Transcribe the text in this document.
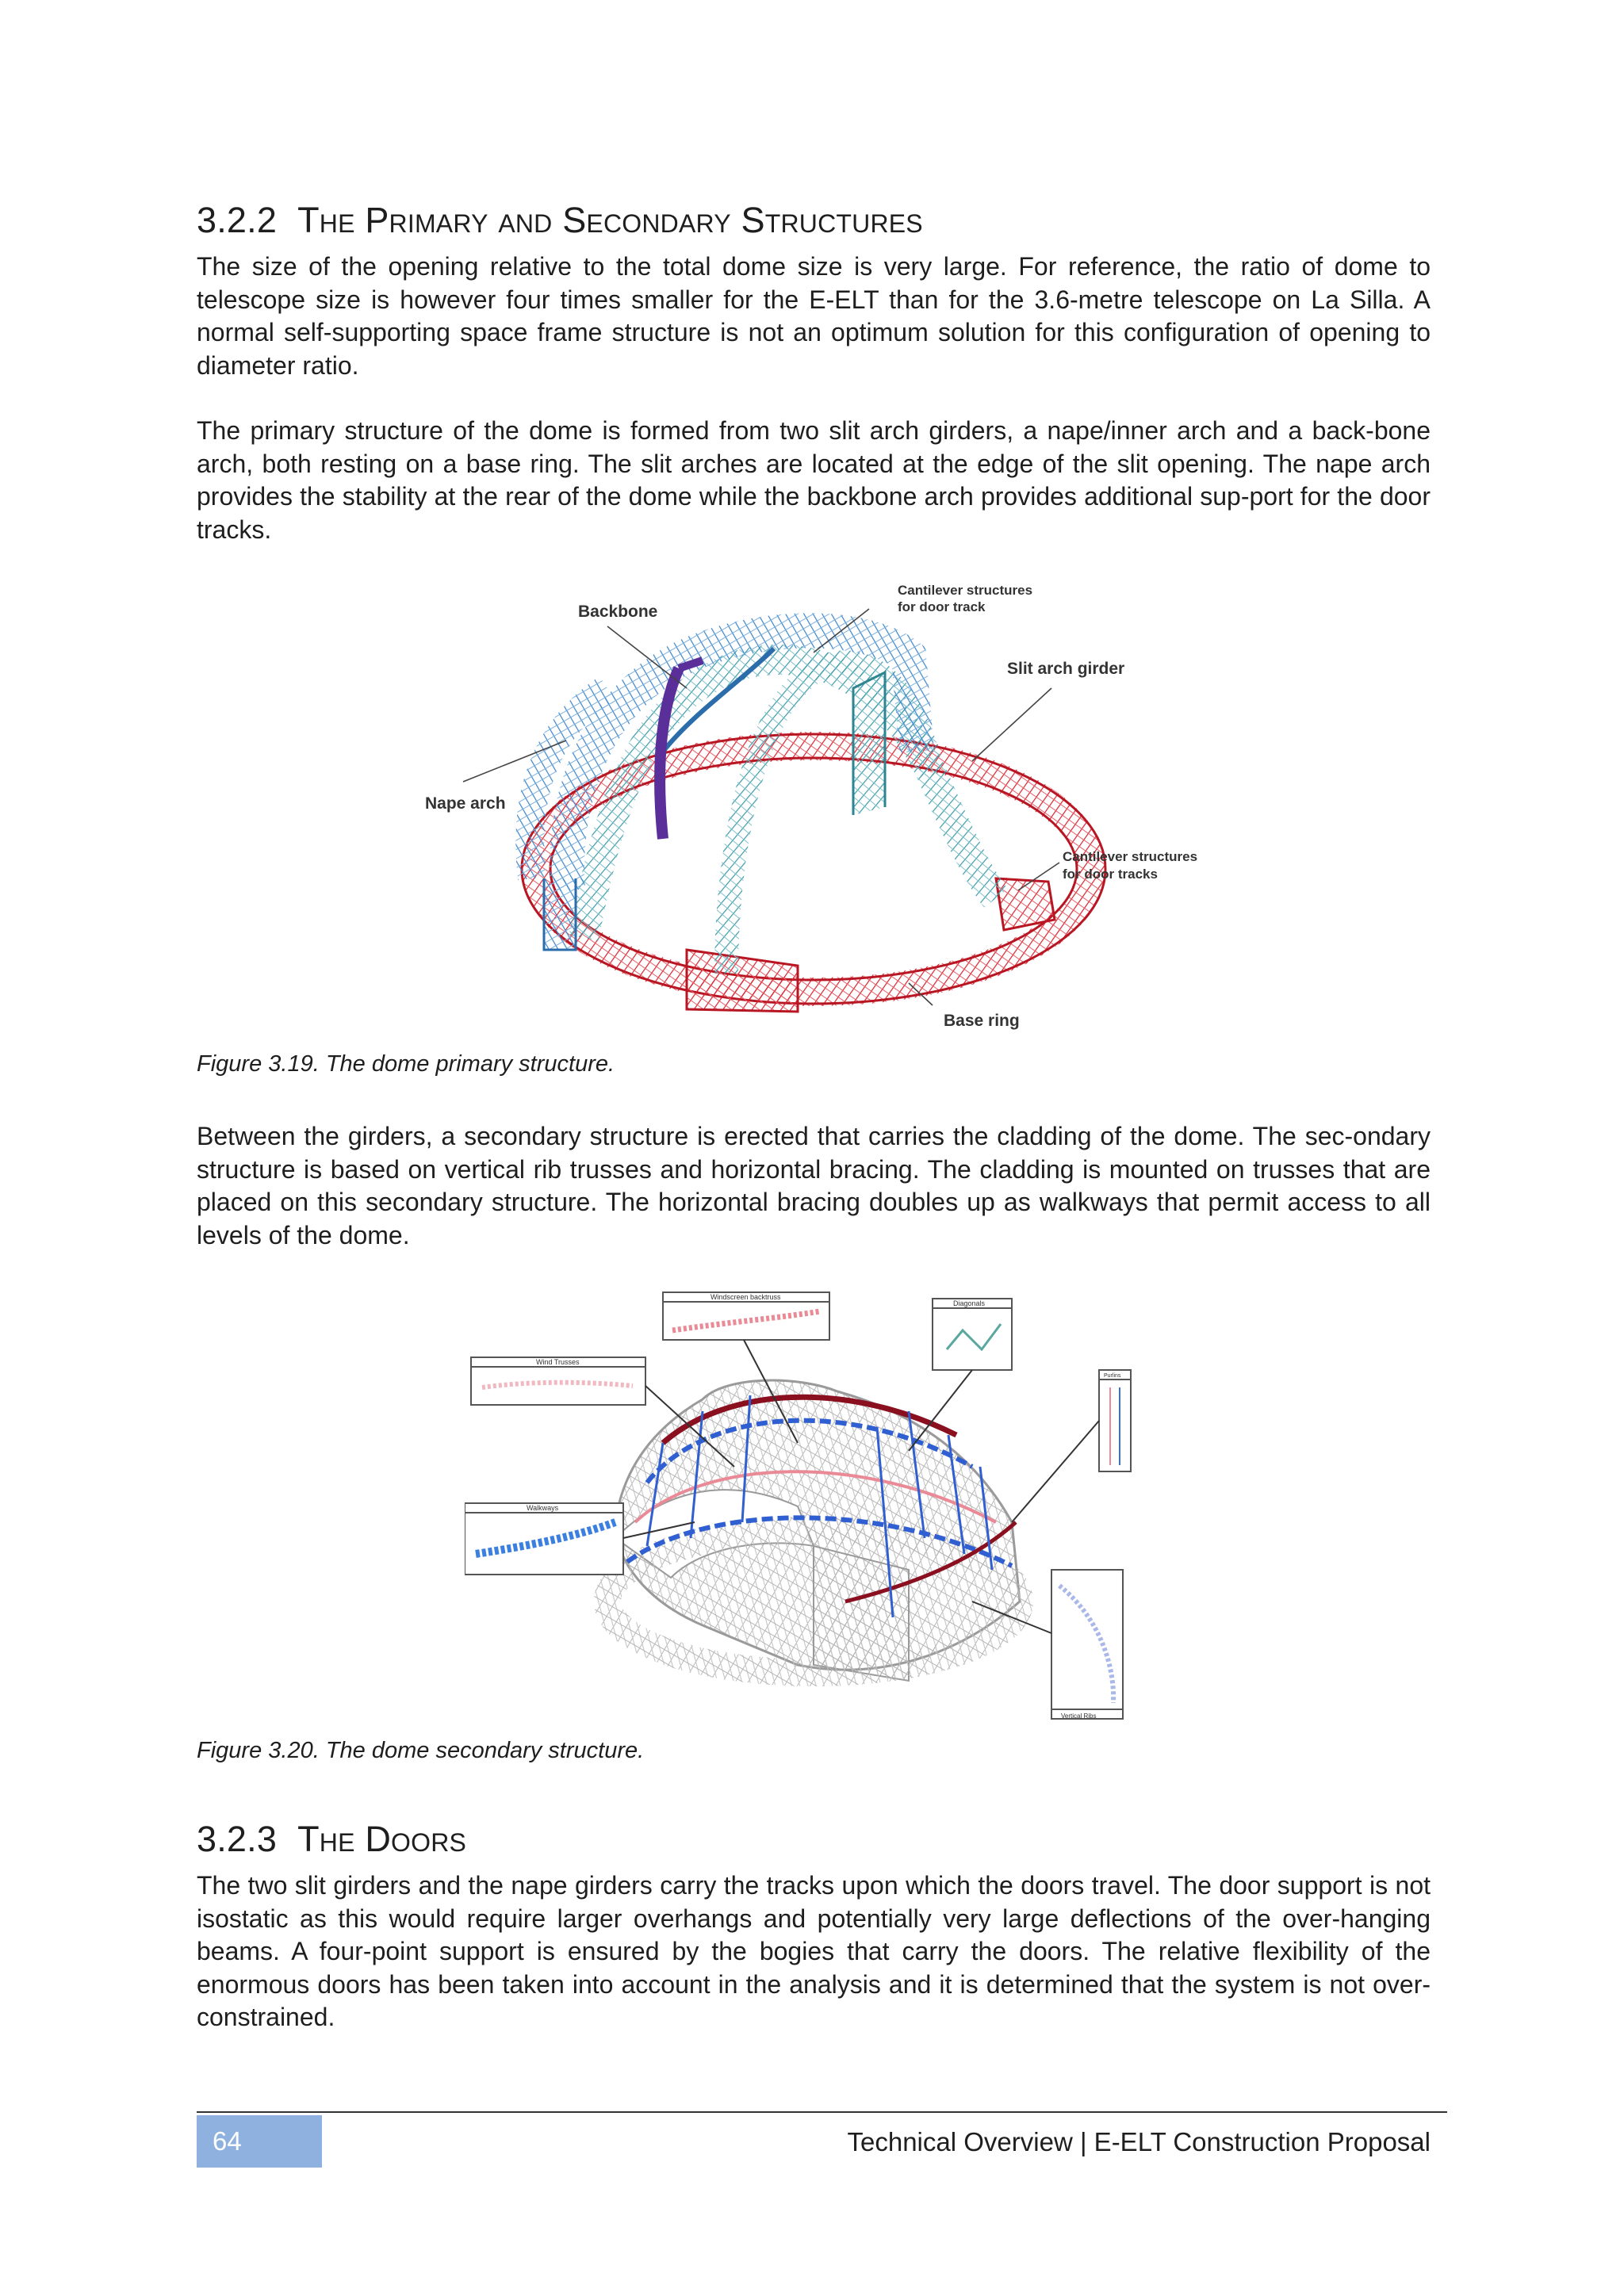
3.2.2 The Primary and Secondary Structures

The size of the opening relative to the total dome size is very large. For reference, the ratio of dome to telescope size is however four times smaller for the E-ELT than for the 3.6-metre telescope on La Silla. A normal self-supporting space frame structure is not an optimum solution for this configuration of opening to diameter ratio.

The primary structure of the dome is formed from two slit arch girders, a nape/inner arch and a back-bone arch, both resting on a base ring. The slit arches are located at the edge of the slit opening. The nape arch provides the stability at the rear of the dome while the backbone arch provides additional sup-port for the door tracks.

Backbone
Cantilever structures
for door track
Slit arch girder
Nape arch
Cantilever structures
for door tracks
Base ring

Figure 3.19. The dome primary structure.

Between the girders, a secondary structure is erected that carries the cladding of the dome. The sec-ondary structure is based on vertical rib trusses and horizontal bracing. The cladding is mounted on trusses that are placed on this secondary structure. The horizontal bracing doubles up as walkways that permit access to all levels of the dome.

Windscreen backtruss
Diagonals
Wind Trusses
Purlins
Walkways
Vertical Ribs

Figure 3.20. The dome secondary structure.

3.2.3 The Doors

The two slit girders and the nape girders carry the tracks upon which the doors travel. The door support is not isostatic as this would require larger overhangs and potentially very large deflections of the over-hanging beams. A four-point support is ensured by the bogies that carry the doors. The relative flexibility of the enormous doors has been taken into account in the analysis and it is determined that the system is not over-constrained.

64	Technical Overview | E-ELT Construction Proposal
